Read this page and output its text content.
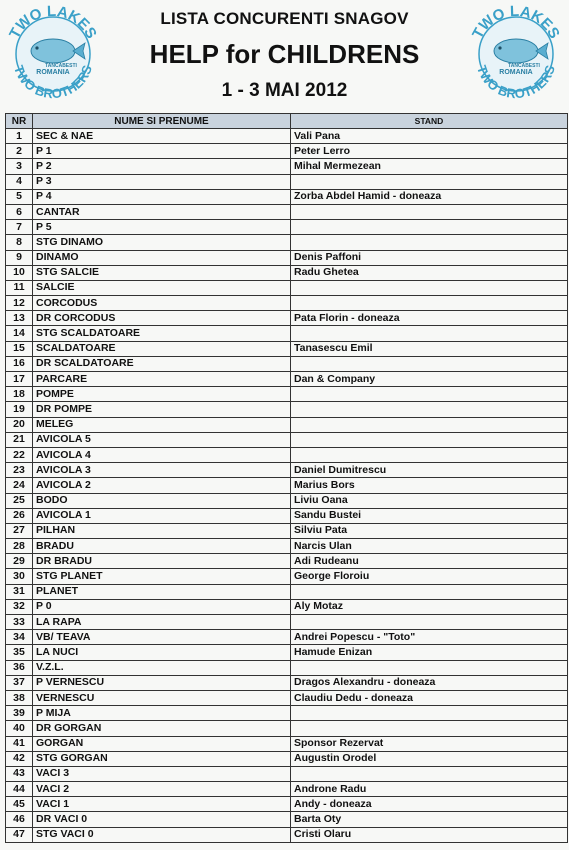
TWO LAKES
TWO BROTHERS
TANCABESTI
ROMANIA
LISTA CONCURENTI SNAGOV
HELP for CHILDRENS
1 - 3 MAI 2012
TWO LAKES
TWO BROTHERS
TANCABESTI
ROMANIA
NR	NUME SI PRENUME	STAND
1	SEC & NAE	Vali Pana
2	P 1	Peter Lerro
3	P 2	Mihal Mermezean
4	P 3	
5	P 4	Zorba Abdel Hamid - doneaza
6	CANTAR	
7	P 5	
8	STG DINAMO	
9	DINAMO	Denis Paffoni
10	STG SALCIE	Radu Ghetea
11	SALCIE	
12	CORCODUS	
13	DR CORCODUS	Pata Florin - doneaza
14	STG SCALDATOARE	
15	SCALDATOARE	Tanasescu Emil
16	DR SCALDATOARE	
17	PARCARE	Dan & Company
18	POMPE	
19	DR POMPE	
20	MELEG	
21	AVICOLA 5	
22	AVICOLA 4	
23	AVICOLA 3	Daniel Dumitrescu
24	AVICOLA 2	Marius Bors
25	BODO	Liviu Oana
26	AVICOLA 1	Sandu Bustei
27	PILHAN	Silviu Pata
28	BRADU	Narcis Ulan
29	DR BRADU	Adi Rudeanu
30	STG PLANET	George Floroiu
31	PLANET	
32	P 0	Aly Motaz
33	LA RAPA	
34	VB/ TEAVA	Andrei Popescu - "Toto"
35	LA NUCI	Hamude Enizan
36	V.Z.L.	
37	P VERNESCU	Dragos Alexandru - doneaza
38	VERNESCU	Claudiu Dedu - doneaza
39	P MIJA	
40	DR GORGAN	
41	GORGAN	Sponsor Rezervat
42	STG GORGAN	Augustin Orodel
43	VACI 3	
44	VACI 2	Androne Radu
45	VACI 1	Andy - doneaza
46	DR VACI 0	Barta Oty
47	STG VACI 0	Cristi Olaru
